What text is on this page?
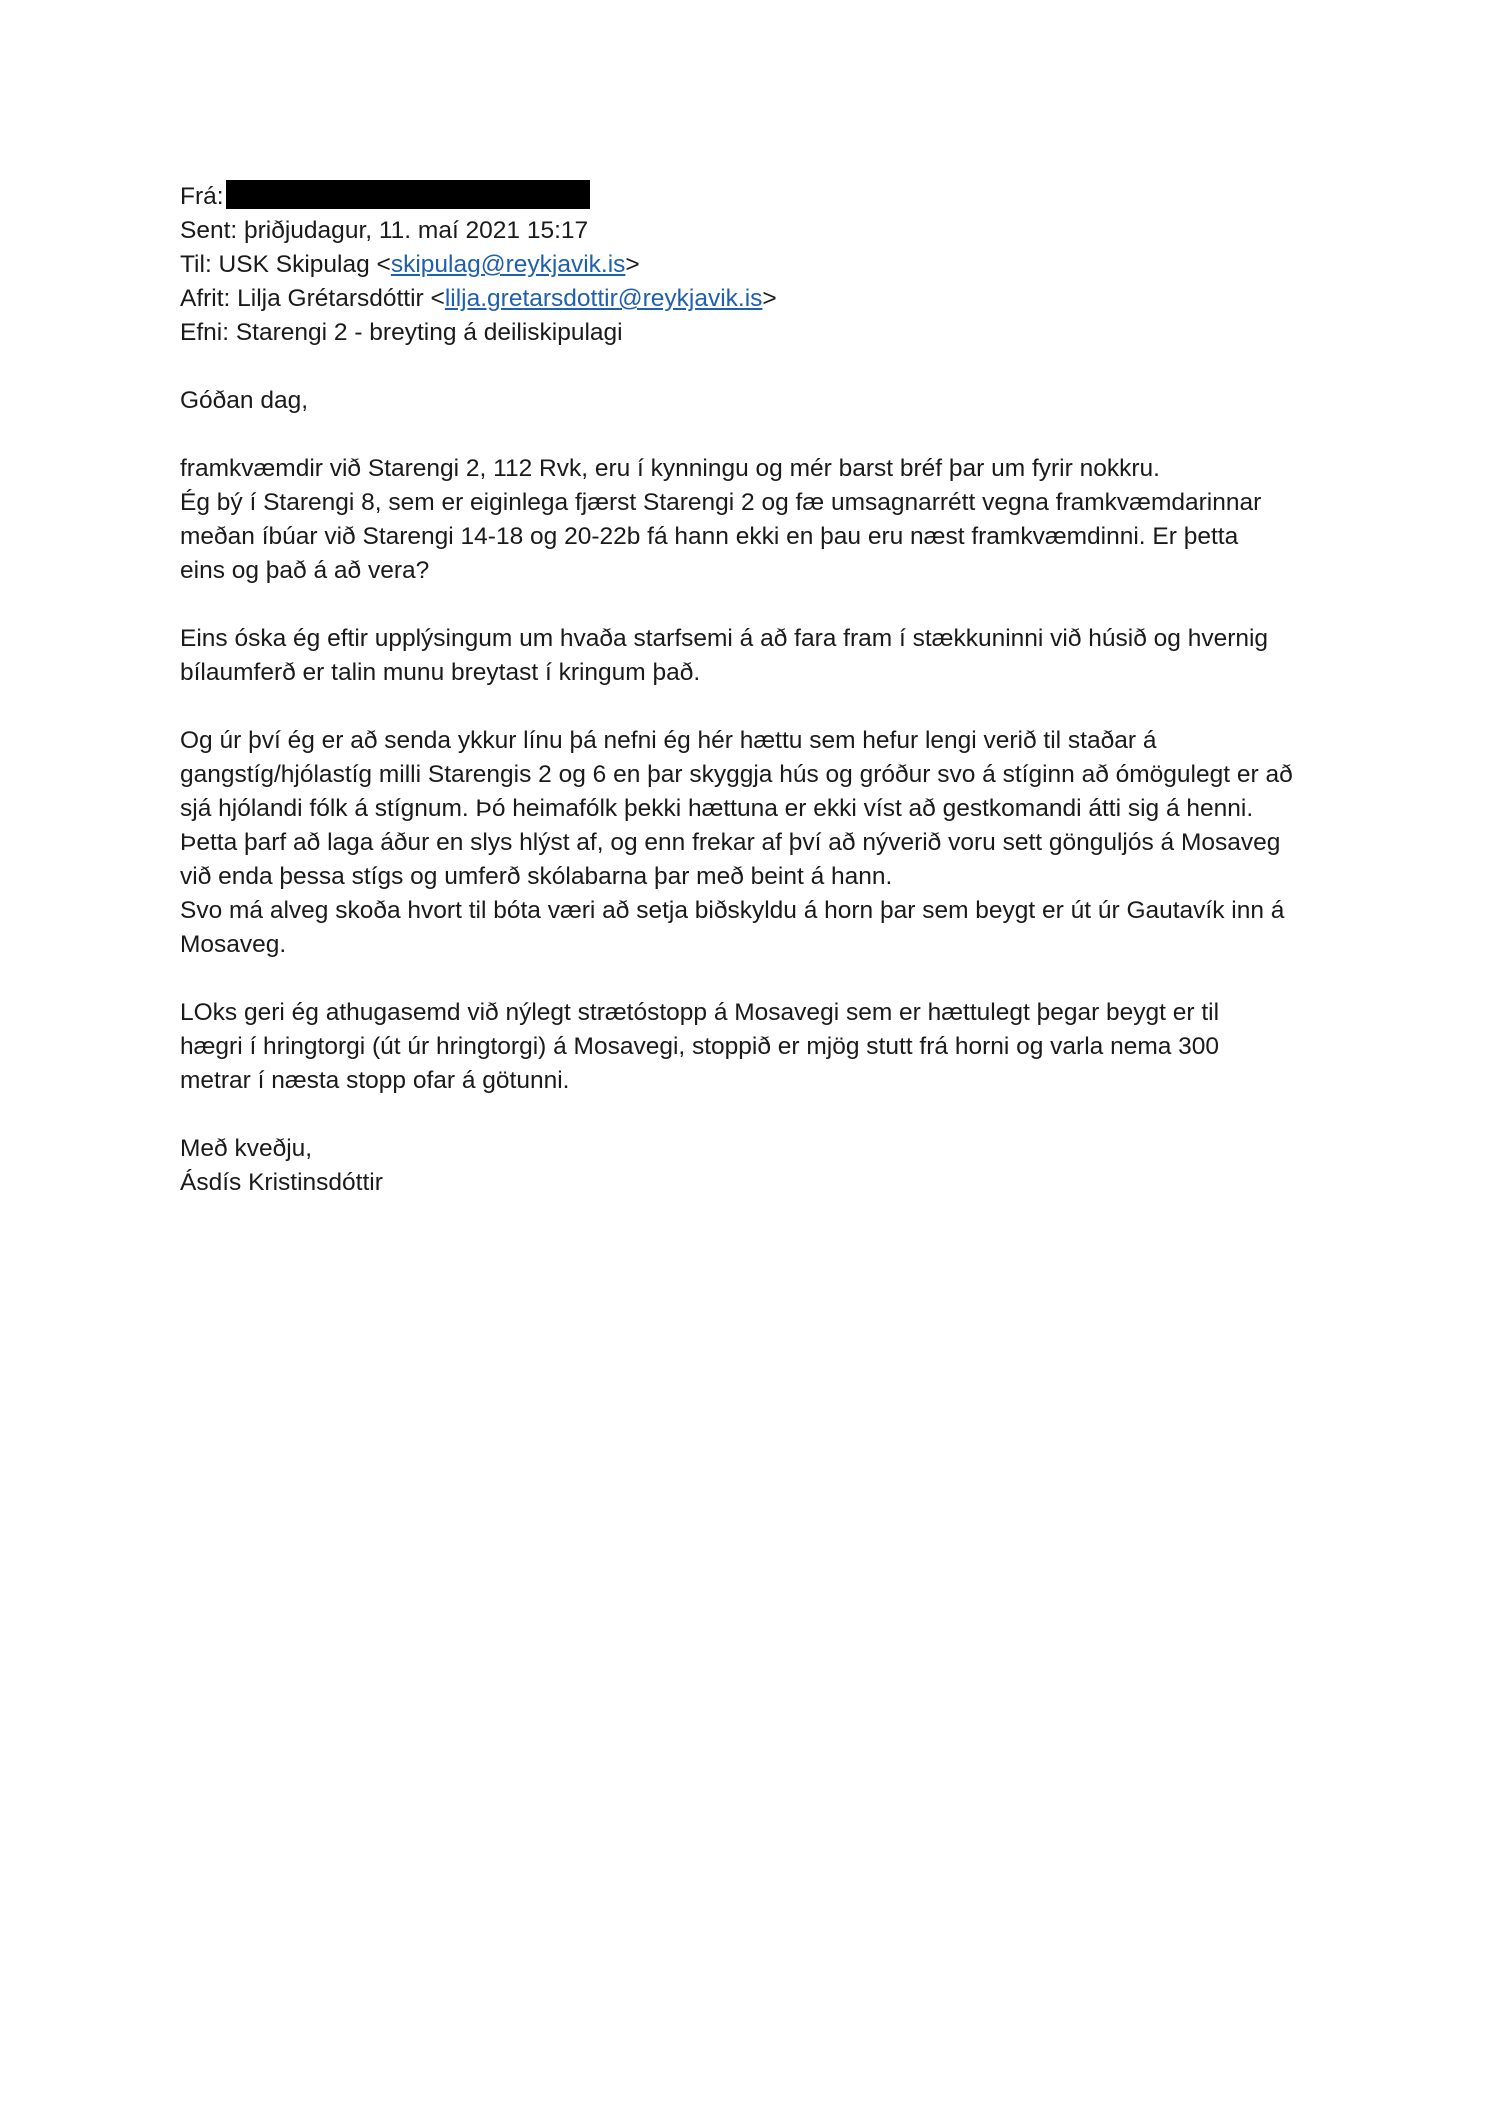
Frá:
Sent: þriðjudagur, 11. maí 2021 15:17
Til: USK Skipulag <skipulag@reykjavik.is>
Afrit: Lilja Grétarsdóttir <lilja.gretarsdottir@reykjavik.is>
Efni: Starengi 2 - breyting á deiliskipulagi
Góðan dag,
framkvæmdir við Starengi 2, 112 Rvk, eru í kynningu og mér barst bréf þar um fyrir nokkru.
Ég bý í Starengi 8, sem er eiginlega fjærst Starengi 2 og fæ umsagnarrétt vegna framkvæmdarinnar
meðan íbúar við Starengi 14-18 og 20-22b fá hann ekki en þau eru næst framkvæmdinni. Er þetta
eins og það á að vera?
Eins óska ég eftir upplýsingum um hvaða starfsemi á að fara fram í stækkuninni við húsið og hvernig
bílaumferð er talin munu breytast í kringum það.
Og úr því ég er að senda ykkur línu þá nefni ég hér hættu sem hefur lengi verið til staðar á
gangstíg/hjólastíg milli Starengis 2 og 6 en þar skyggja hús og gróður svo á stíginn að ómögulegt er að
sjá hjólandi fólk á stígnum. Þó heimafólk þekki hættuna er ekki víst að gestkomandi átti sig á henni.
Þetta þarf að laga áður en slys hlýst af, og enn frekar af því að nýverið voru sett gönguljós á Mosaveg
við enda þessa stígs og umferð skólabarna þar með beint á hann.
Svo má alveg skoða hvort til bóta væri að setja biðskyldu á horn þar sem beygt er út úr Gautavík inn á
Mosaveg.
LOks geri ég athugasemd við nýlegt strætóstopp á Mosavegi sem er hættulegt þegar beygt er til
hægri í hringtorgi (út úr hringtorgi) á Mosavegi, stoppið er mjög stutt frá horni og varla nema 300
metrar í næsta stopp ofar á götunni.
Með kveðju,
Ásdís Kristinsdóttir
